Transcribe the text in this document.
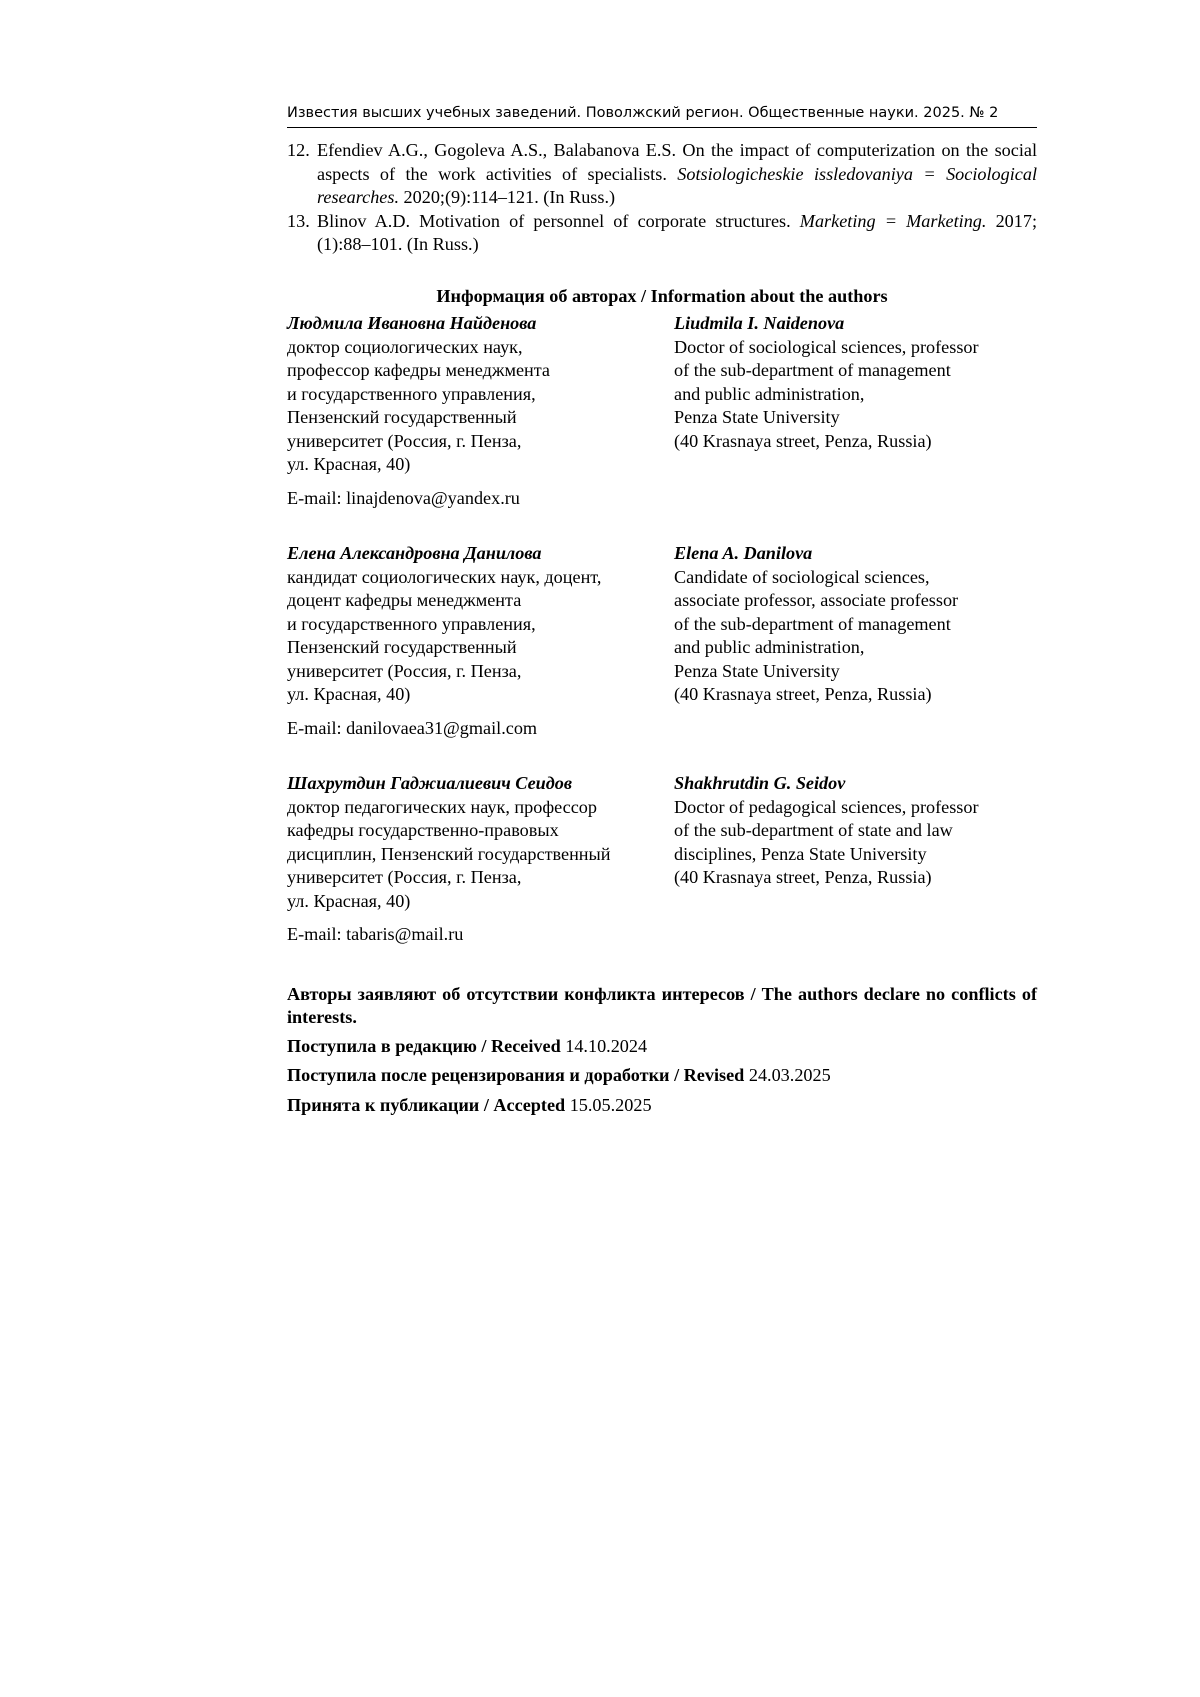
Известия высших учебных заведений. Поволжский регион. Общественные науки. 2025. № 2
12. Efendiev A.G., Gogoleva A.S., Balabanova E.S. On the impact of computerization on the social aspects of the work activities of specialists. Sotsiologicheskie issledovaniya = Sociological researches. 2020;(9):114–121. (In Russ.)
13. Blinov A.D. Motivation of personnel of corporate structures. Marketing = Marketing. 2017;(1):88–101. (In Russ.)
Информация об авторах / Information about the authors
Людмила Ивановна Найденова
доктор социологических наук,
профессор кафедры менеджмента
и государственного управления,
Пензенский государственный
университет (Россия, г. Пенза,
ул. Красная, 40)
Liudmila I. Naidenova
Doctor of sociological sciences, professor
of the sub-department of management
and public administration,
Penza State University
(40 Krasnaya street, Penza, Russia)
E-mail: linajdenova@yandex.ru
Елена Александровна Данилова
кандидат социологических наук, доцент,
доцент кафедры менеджмента
и государственного управления,
Пензенский государственный
университет (Россия, г. Пенза,
ул. Красная, 40)
Elena A. Danilova
Candidate of sociological sciences,
associate professor, associate professor
of the sub-department of management
and public administration,
Penza State University
(40 Krasnaya street, Penza, Russia)
E-mail: danilovaea31@gmail.com
Шахрутдин Гаджиалиевич Сеидов
доктор педагогических наук, профессор
кафедры государственно-правовых
дисциплин, Пензенский государственный
университет (Россия, г. Пенза,
ул. Красная, 40)
Shakhrutdin G. Seidov
Doctor of pedagogical sciences, professor
of the sub-department of state and law
disciplines, Penza State University
(40 Krasnaya street, Penza, Russia)
E-mail: tabaris@mail.ru
Авторы заявляют об отсутствии конфликта интересов / The authors declare no conflicts of interests.
Поступила в редакцию / Received 14.10.2024
Поступила после рецензирования и доработки / Revised 24.03.2025
Принята к публикации / Accepted 15.05.2025
